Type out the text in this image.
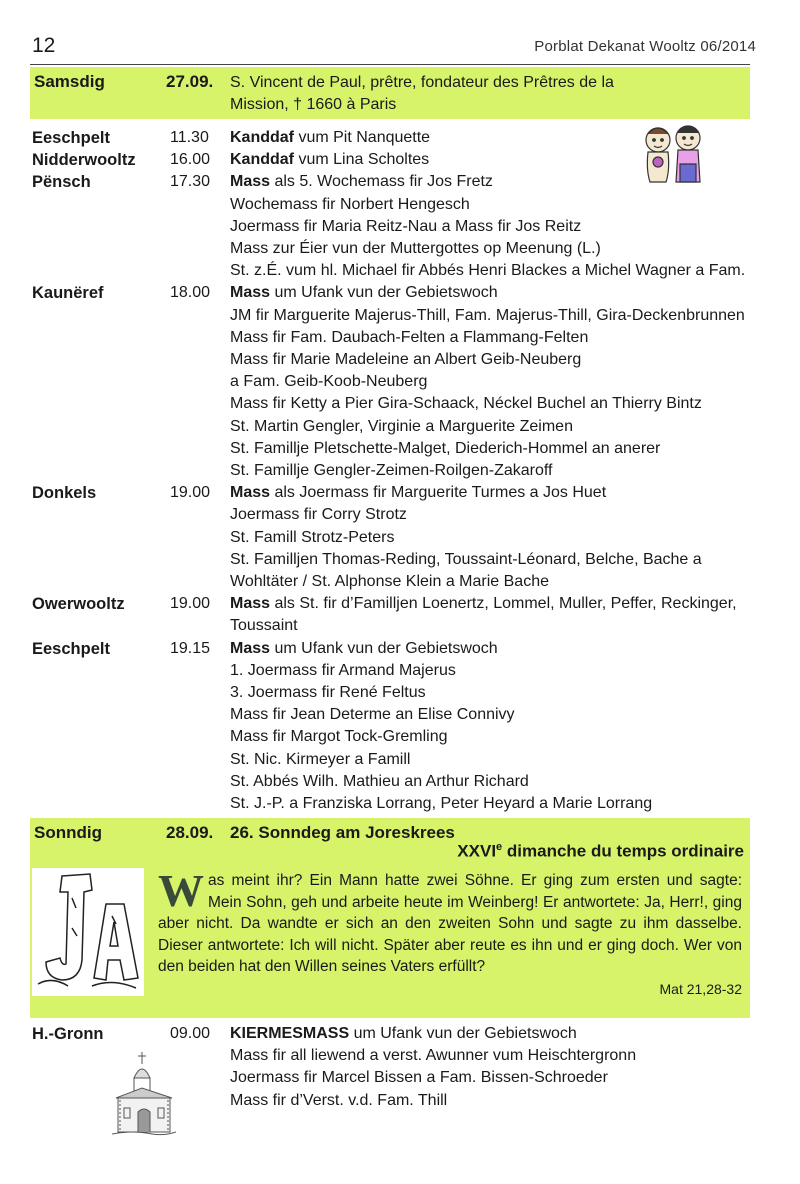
12	Porblat Dekanat Wooltz 06/2014
Samsdig	27.09. S. Vincent de Paul, prêtre, fondateur des Prêtres de la
Mission, † 1660 à Paris
Eeschpelt	11.30 Kanddaf vum Pit Nanquette
Nidderwooltz 16.00 Kanddaf vum Lina Scholtes
Pënsch	17.30 Mass als 5. Wochemass fir Jos Fretz
Wochemass fir Norbert Hengesch
Joermass fir Maria Reitz-Nau a Mass fir Jos Reitz
Mass zur Éier vun der Muttergottes op Meenung (L.)
St. z.É. vum hl. Michael fir Abbés Henri Blackes a Michel Wagner a Fam.
Kaunëref	18.00 Mass um Ufank vun der Gebietswoch
JM fir Marguerite Majerus-Thill, Fam. Majerus-Thill, Gira-Deckenbrunnen
Mass fir Fam. Daubach-Felten a Flammang-Felten
Mass fir Marie Madeleine an Albert Geib-Neuberg
a Fam. Geib-Koob-Neuberg
Mass fir Ketty a Pier Gira-Schaack, Néckel Buchel an Thierry Bintz
St. Martin Gengler, Virginie a Marguerite Zeimen
St. Famillje Pletschette-Malget, Diederich-Hommel an anerer
St. Famillje Gengler-Zeimen-Roilgen-Zakaroff
Donkels	19.00 Mass als Joermass fir Marguerite Turmes a Jos Huet
Joermass fir Corry Strotz
St. Famill Strotz-Peters
St. Familljen Thomas-Reding, Toussaint-Léonard, Belche, Bache a
Wohltäter / St. Alphonse Klein a Marie Bache
Owerwooltz	19.00 Mass als St. fir d’Familljen Loenertz, Lommel, Muller, Peffer, Reckinger,
Toussaint
Eeschpelt	19.15 Mass um Ufank vun der Gebietswoch
1. Joermass fir Armand Majerus
3. Joermass fir René Feltus
Mass fir Jean Determe an Elise Connivy
Mass fir Margot Tock-Gremling
St. Nic. Kirmeyer a Famill
St. Abbés Wilh. Mathieu an Arthur Richard
St. J.-P. a Franziska Lorrang, Peter Heyard a Marie Lorrang
Sonndig	28.09. 26. Sonndeg am Joreskrees
XXVIe dimanche du temps ordinaire
Was meint ihr? Ein Mann hatte zwei Söhne. Er ging zum ersten und sagte: Mein Sohn, geh und arbeite heute im Weinberg! Er antwortete: Ja, Herr!, ging aber nicht. Da wandte er sich an den zweiten Sohn und sagte zu ihm dasselbe. Dieser antwortete: Ich will nicht. Später aber reute es ihn und er ging doch. Wer von den beiden hat den Willen seines Vaters erfüllt?
Mat 21,28-32
H.-Gronn	09.00 KIERMESMASS um Ufank vun der Gebietswoch
Mass fir all liewend a verst. Awunner vum Heischtergronn
Joermass fir Marcel Bissen a Fam. Bissen-Schroeder
Mass fir d’Verst. v.d. Fam. Thill
